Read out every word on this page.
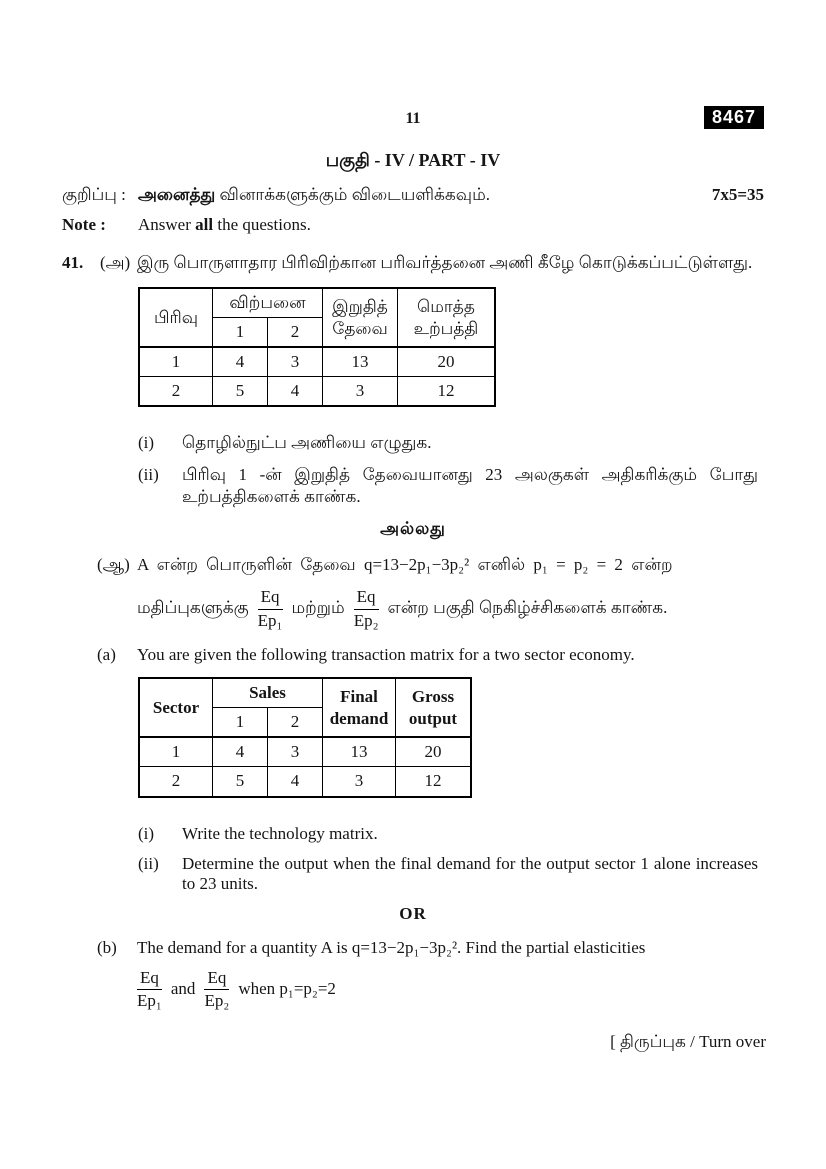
11	8467
பகுதி - IV / PART - IV
குறிப்பு : அனைத்து வினாக்களுக்கும் விடையளிக்கவும்.	7x5=35
Note :	Answer all the questions.
41. (அ) இரு பொருளாதார பிரிவிற்கான பரிவர்த்தனை அணி கீழே கொடுக்கப்பட்டுள்ளது.
பிரிவு	விற்பனை		இறுதித் தேவை	மொத்த உற்பத்தி
	1	2		
1	4	3	13	20
2	5	4	3	12
(i)	தொழில்நுட்ப அணியை எழுதுக.
(ii)	பிரிவு 1 -ன் இறுதித் தேவையானது 23 அலகுகள் அதிகரிக்கும் போது உற்பத்திகளைக் காண்க.
அல்லது
(ஆ) A என்ற பொருளின் தேவை q=13−2p₁−3p₂² எனில் p₁ = p₂ = 2 என்ற
மதிப்புகளுக்கு $\frac{Eq}{\text{Ep₁}}$ மற்றும் $\frac{Eq}{\text{Ep₂}}$ என்ற பகுதி நெகிழ்ச்சிகளைக் காண்க.
(a)	You are given the following transaction matrix for a two sector economy.
Sector	Sales		Final demand	Gross output
	1	2		
1	4	3	13	20
2	5	4	3	12
(i)	Write the technology matrix.
(ii)	Determine the output when the final demand for the output sector 1 alone increases to 23 units.
OR
(b)	The demand for a quantity A is q=13−2p₁−3p₂². Find the partial elasticities
$\frac{Eq}{\text{Ep₁}}$ and $\frac{Eq}{\text{Ep₂}}$ when p₁=p₂=2
[ திருப்புக / Turn over
